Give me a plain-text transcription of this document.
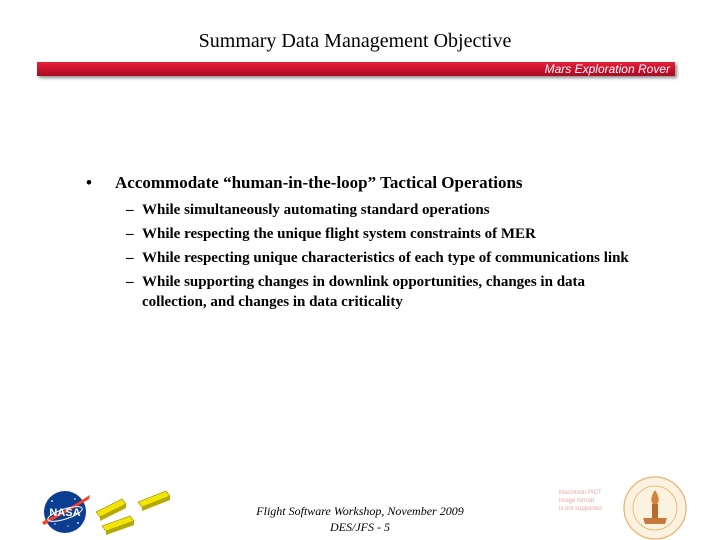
Summary Data Management Objective
Mars Exploration Rover
•	Accommodate “human-in-the-loop” Tactical Operations
– While simultaneously automating standard operations
– While respecting the unique flight system constraints of MER
– While respecting unique characteristics of each type of communications link
– While supporting changes in downlink opportunities, changes in data collection, and changes in data criticality
NASA	Flight Software Workshop, November 2009
DES/JFS - 5
Macintosh PICT
image format
is not supported
